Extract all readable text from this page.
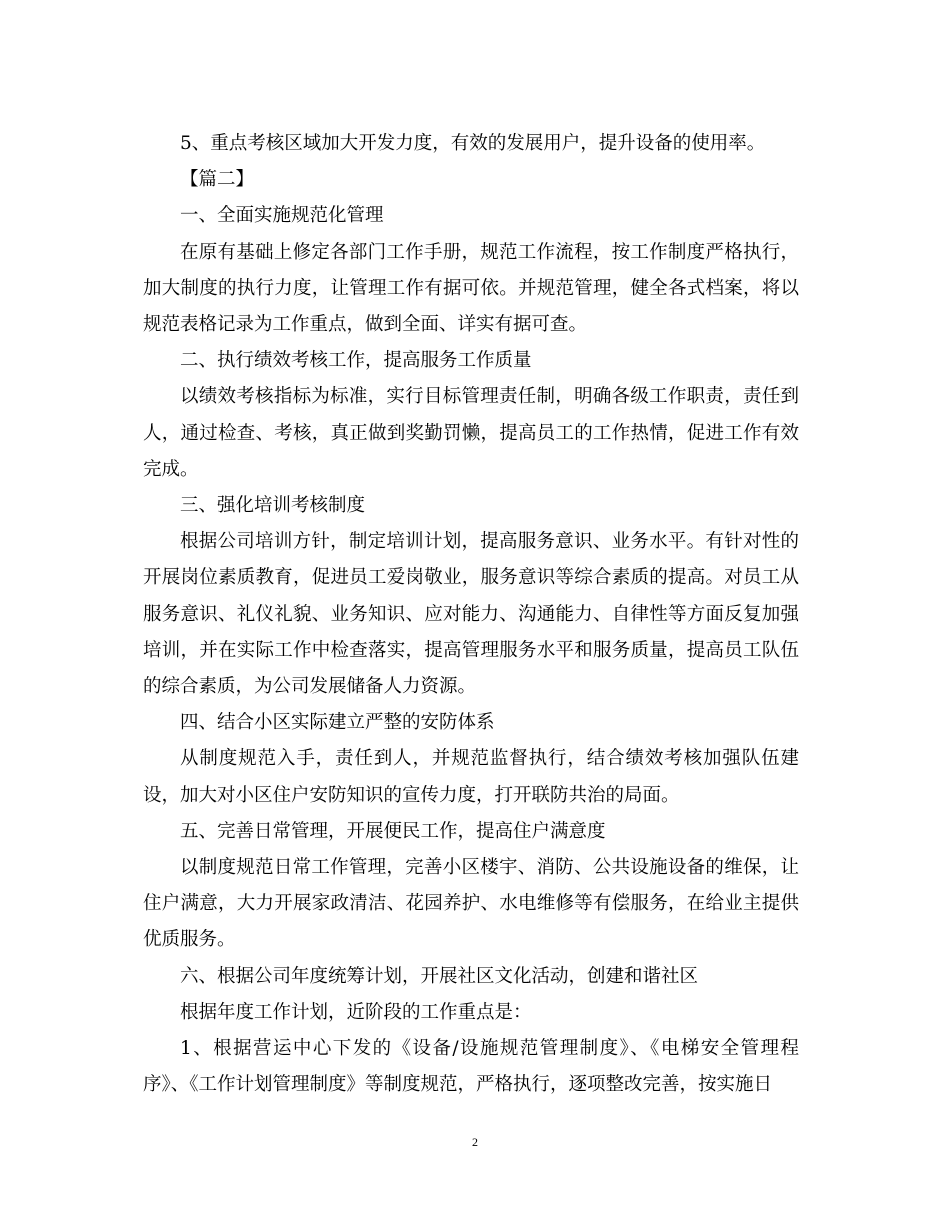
5、重点考核区域加大开发力度，有效的发展用户，提升设备的使用率。

【篇二】

一、全面实施规范化管理

在原有基础上修定各部门工作手册，规范工作流程，按工作制度严格执行，加大制度的执行力度，让管理工作有据可依。并规范管理，健全各式档案，将以规范表格记录为工作重点，做到全面、详实有据可查。

二、执行绩效考核工作，提高服务工作质量

以绩效考核指标为标准，实行目标管理责任制，明确各级工作职责，责任到人，通过检查、考核，真正做到奖勤罚懒，提高员工的工作热情，促进工作有效完成。

三、强化培训考核制度

根据公司培训方针，制定培训计划，提高服务意识、业务水平。有针对性的开展岗位素质教育，促进员工爱岗敬业，服务意识等综合素质的提高。对员工从服务意识、礼仪礼貌、业务知识、应对能力、沟通能力、自律性等方面反复加强培训，并在实际工作中检查落实，提高管理服务水平和服务质量，提高员工队伍的综合素质，为公司发展储备人力资源。

四、结合小区实际建立严整的安防体系

从制度规范入手，责任到人，并规范监督执行，结合绩效考核加强队伍建设，加大对小区住户安防知识的宣传力度，打开联防共治的局面。

五、完善日常管理，开展便民工作，提高住户满意度

以制度规范日常工作管理，完善小区楼宇、消防、公共设施设备的维保，让住户满意，大力开展家政清洁、花园养护、水电维修等有偿服务，在给业主提供优质服务。

六、根据公司年度统筹计划，开展社区文化活动，创建和谐社区

根据年度工作计划，近阶段的工作重点是：

1、根据营运中心下发的《设备/设施规范管理制度》、《电梯安全管理程序》、《工作计划管理制度》等制度规范，严格执行，逐项整改完善，按实施日

2
